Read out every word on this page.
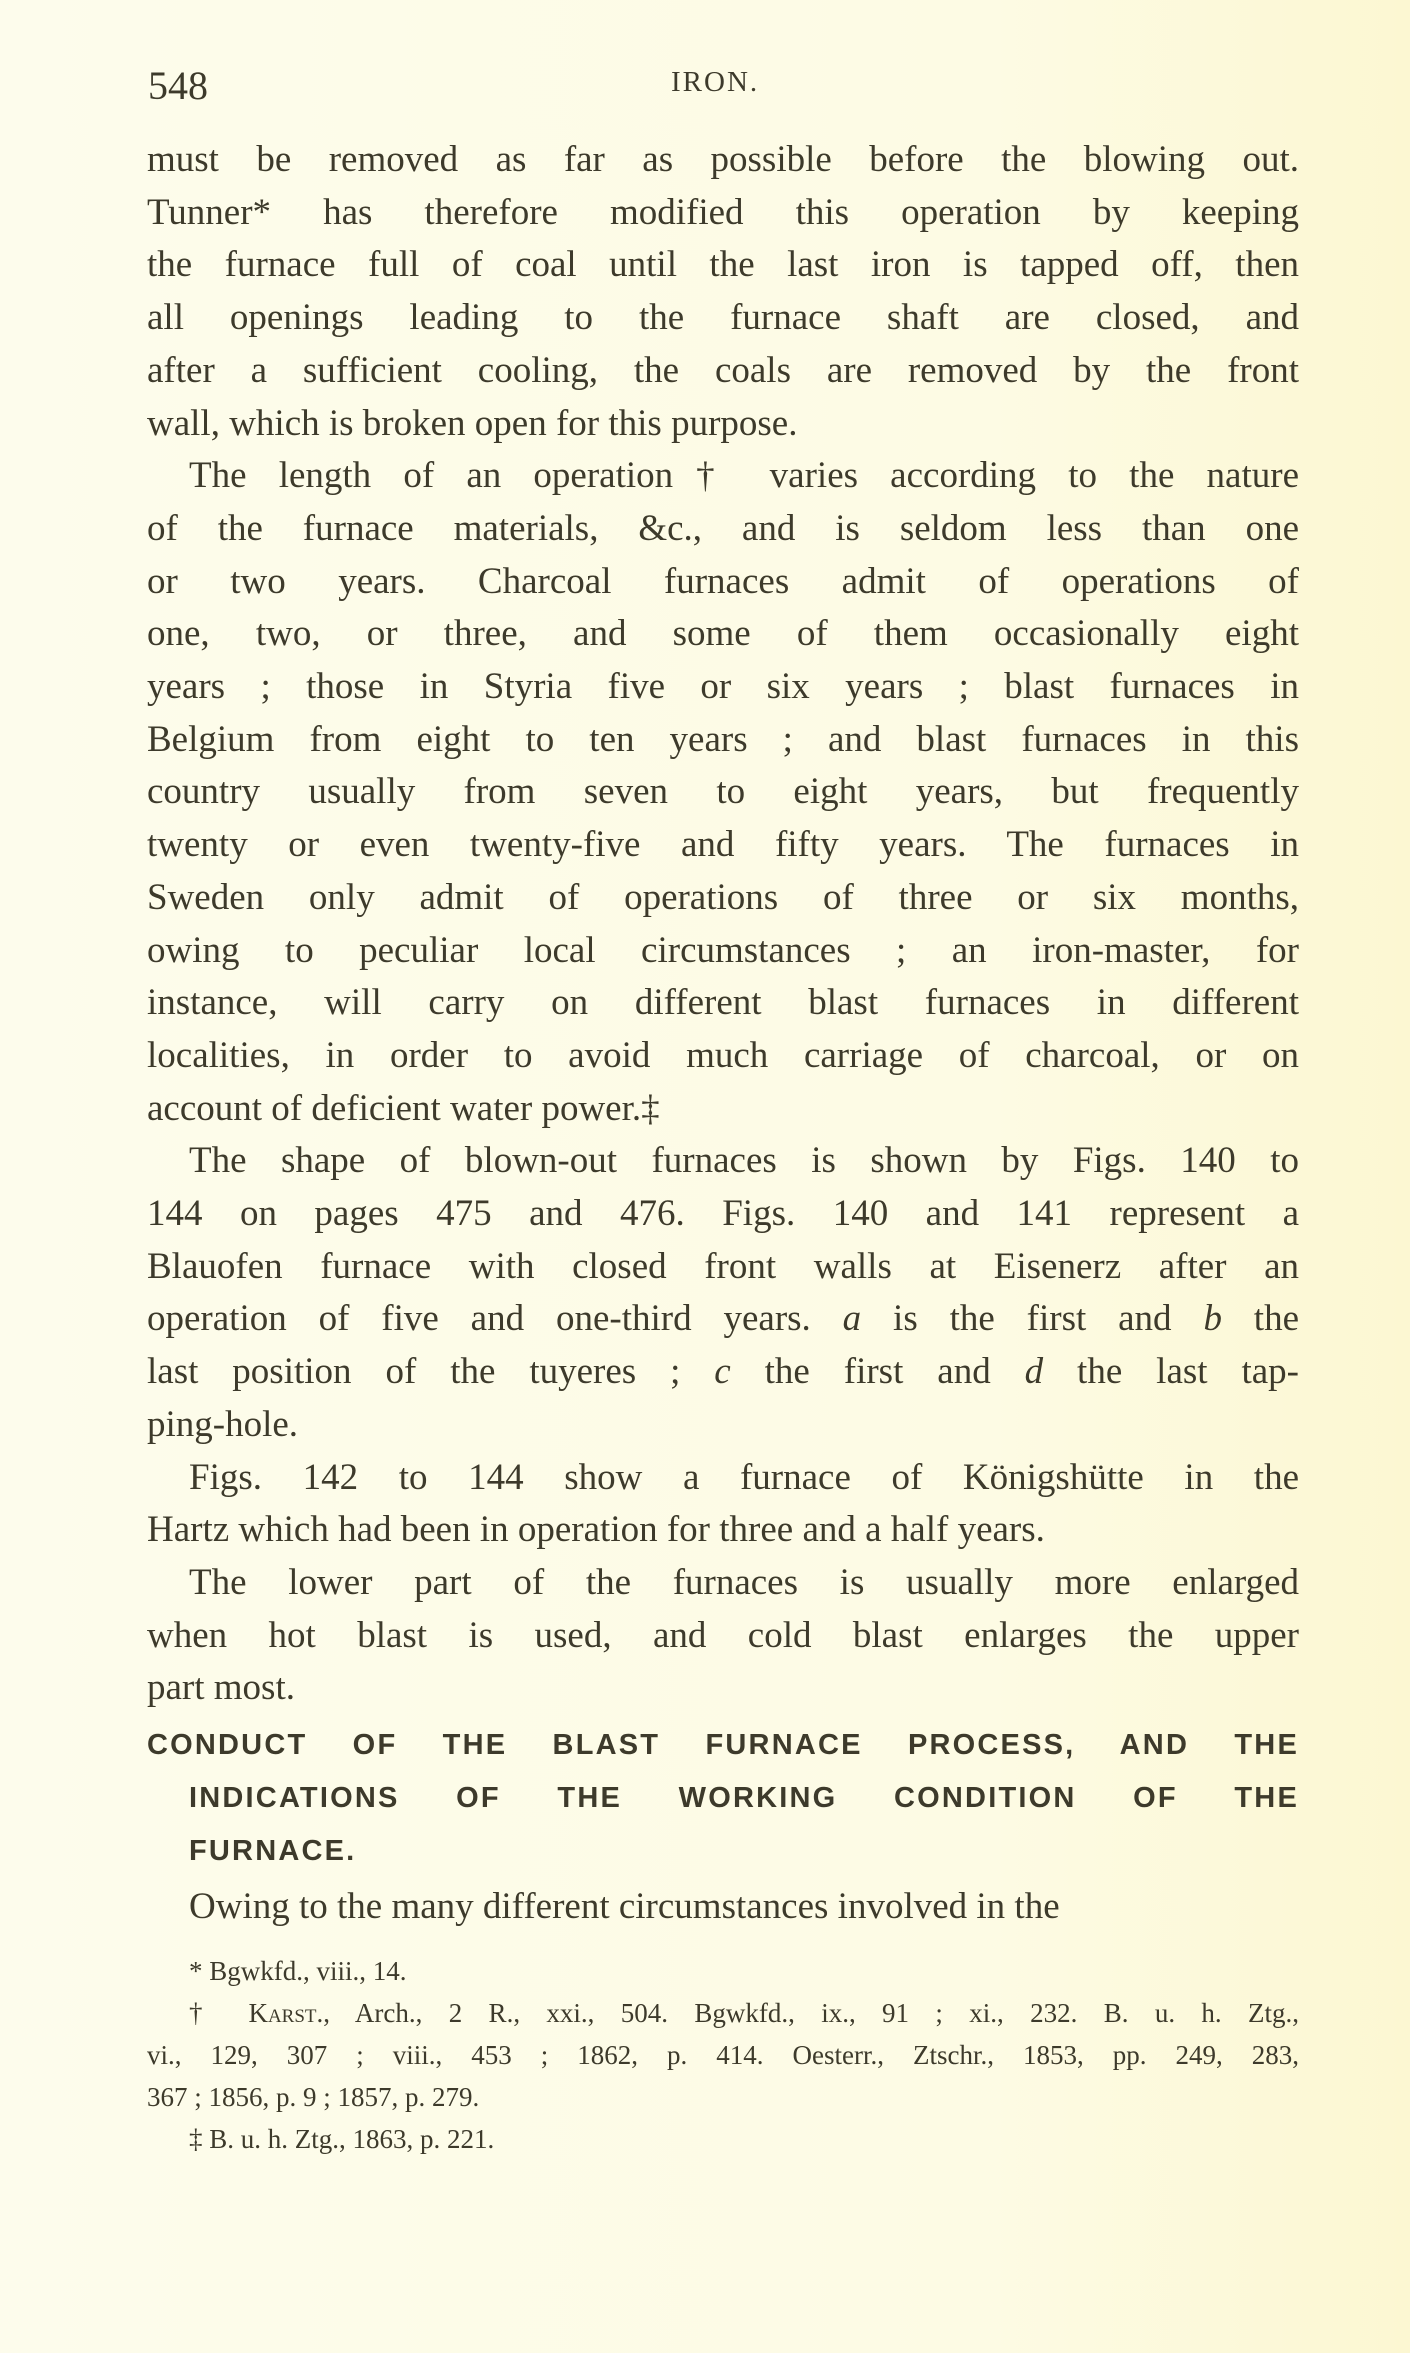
548	IRON.
must be removed as far as possible before the blowing out.
Tunner* has therefore modified this operation by keeping
the furnace full of coal until the last iron is tapped off, then
all openings leading to the furnace shaft are closed, and
after a sufficient cooling, the coals are removed by the front
wall, which is broken open for this purpose.
The length of an operation† varies according to the nature
of the furnace materials, &c., and is seldom less than one
or two years. Charcoal furnaces admit of operations of
one, two, or three, and some of them occasionally eight
years ; those in Styria five or six years ; blast furnaces in
Belgium from eight to ten years ; and blast furnaces in this
country usually from seven to eight years, but frequently
twenty or even twenty-five and fifty years. The furnaces in
Sweden only admit of operations of three or six months,
owing to peculiar local circumstances ; an iron-master, for
instance, will carry on different blast furnaces in different
localities, in order to avoid much carriage of charcoal, or on
account of deficient water power.‡
The shape of blown-out furnaces is shown by Figs. 140 to
144 on pages 475 and 476. Figs. 140 and 141 represent a
Blauofen furnace with closed front walls at Eisenerz after an
operation of five and one-third years. a is the first and b the
last position of the tuyeres ; c the first and d the last tap-
ping-hole.
Figs. 142 to 144 show a furnace of Königshütte in the
Hartz which had been in operation for three and a half years.
The lower part of the furnaces is usually more enlarged
when hot blast is used, and cold blast enlarges the upper
part most.
CONDUCT OF THE BLAST FURNACE PROCESS, AND THE
INDICATIONS OF THE WORKING CONDITION OF THE
FURNACE.
Owing to the many different circumstances involved in the
* Bgwkfd., viii., 14.
† Karst., Arch., 2 R., xxi., 504. Bgwkfd., ix., 91 ; xi., 232. B. u. h. Ztg.,
vi., 129, 307 ; viii., 453 ; 1862, p. 414. Oesterr., Ztschr., 1853, pp. 249, 283,
367 ; 1856, p. 9 ; 1857, p. 279.
‡ B. u. h. Ztg., 1863, p. 221.
